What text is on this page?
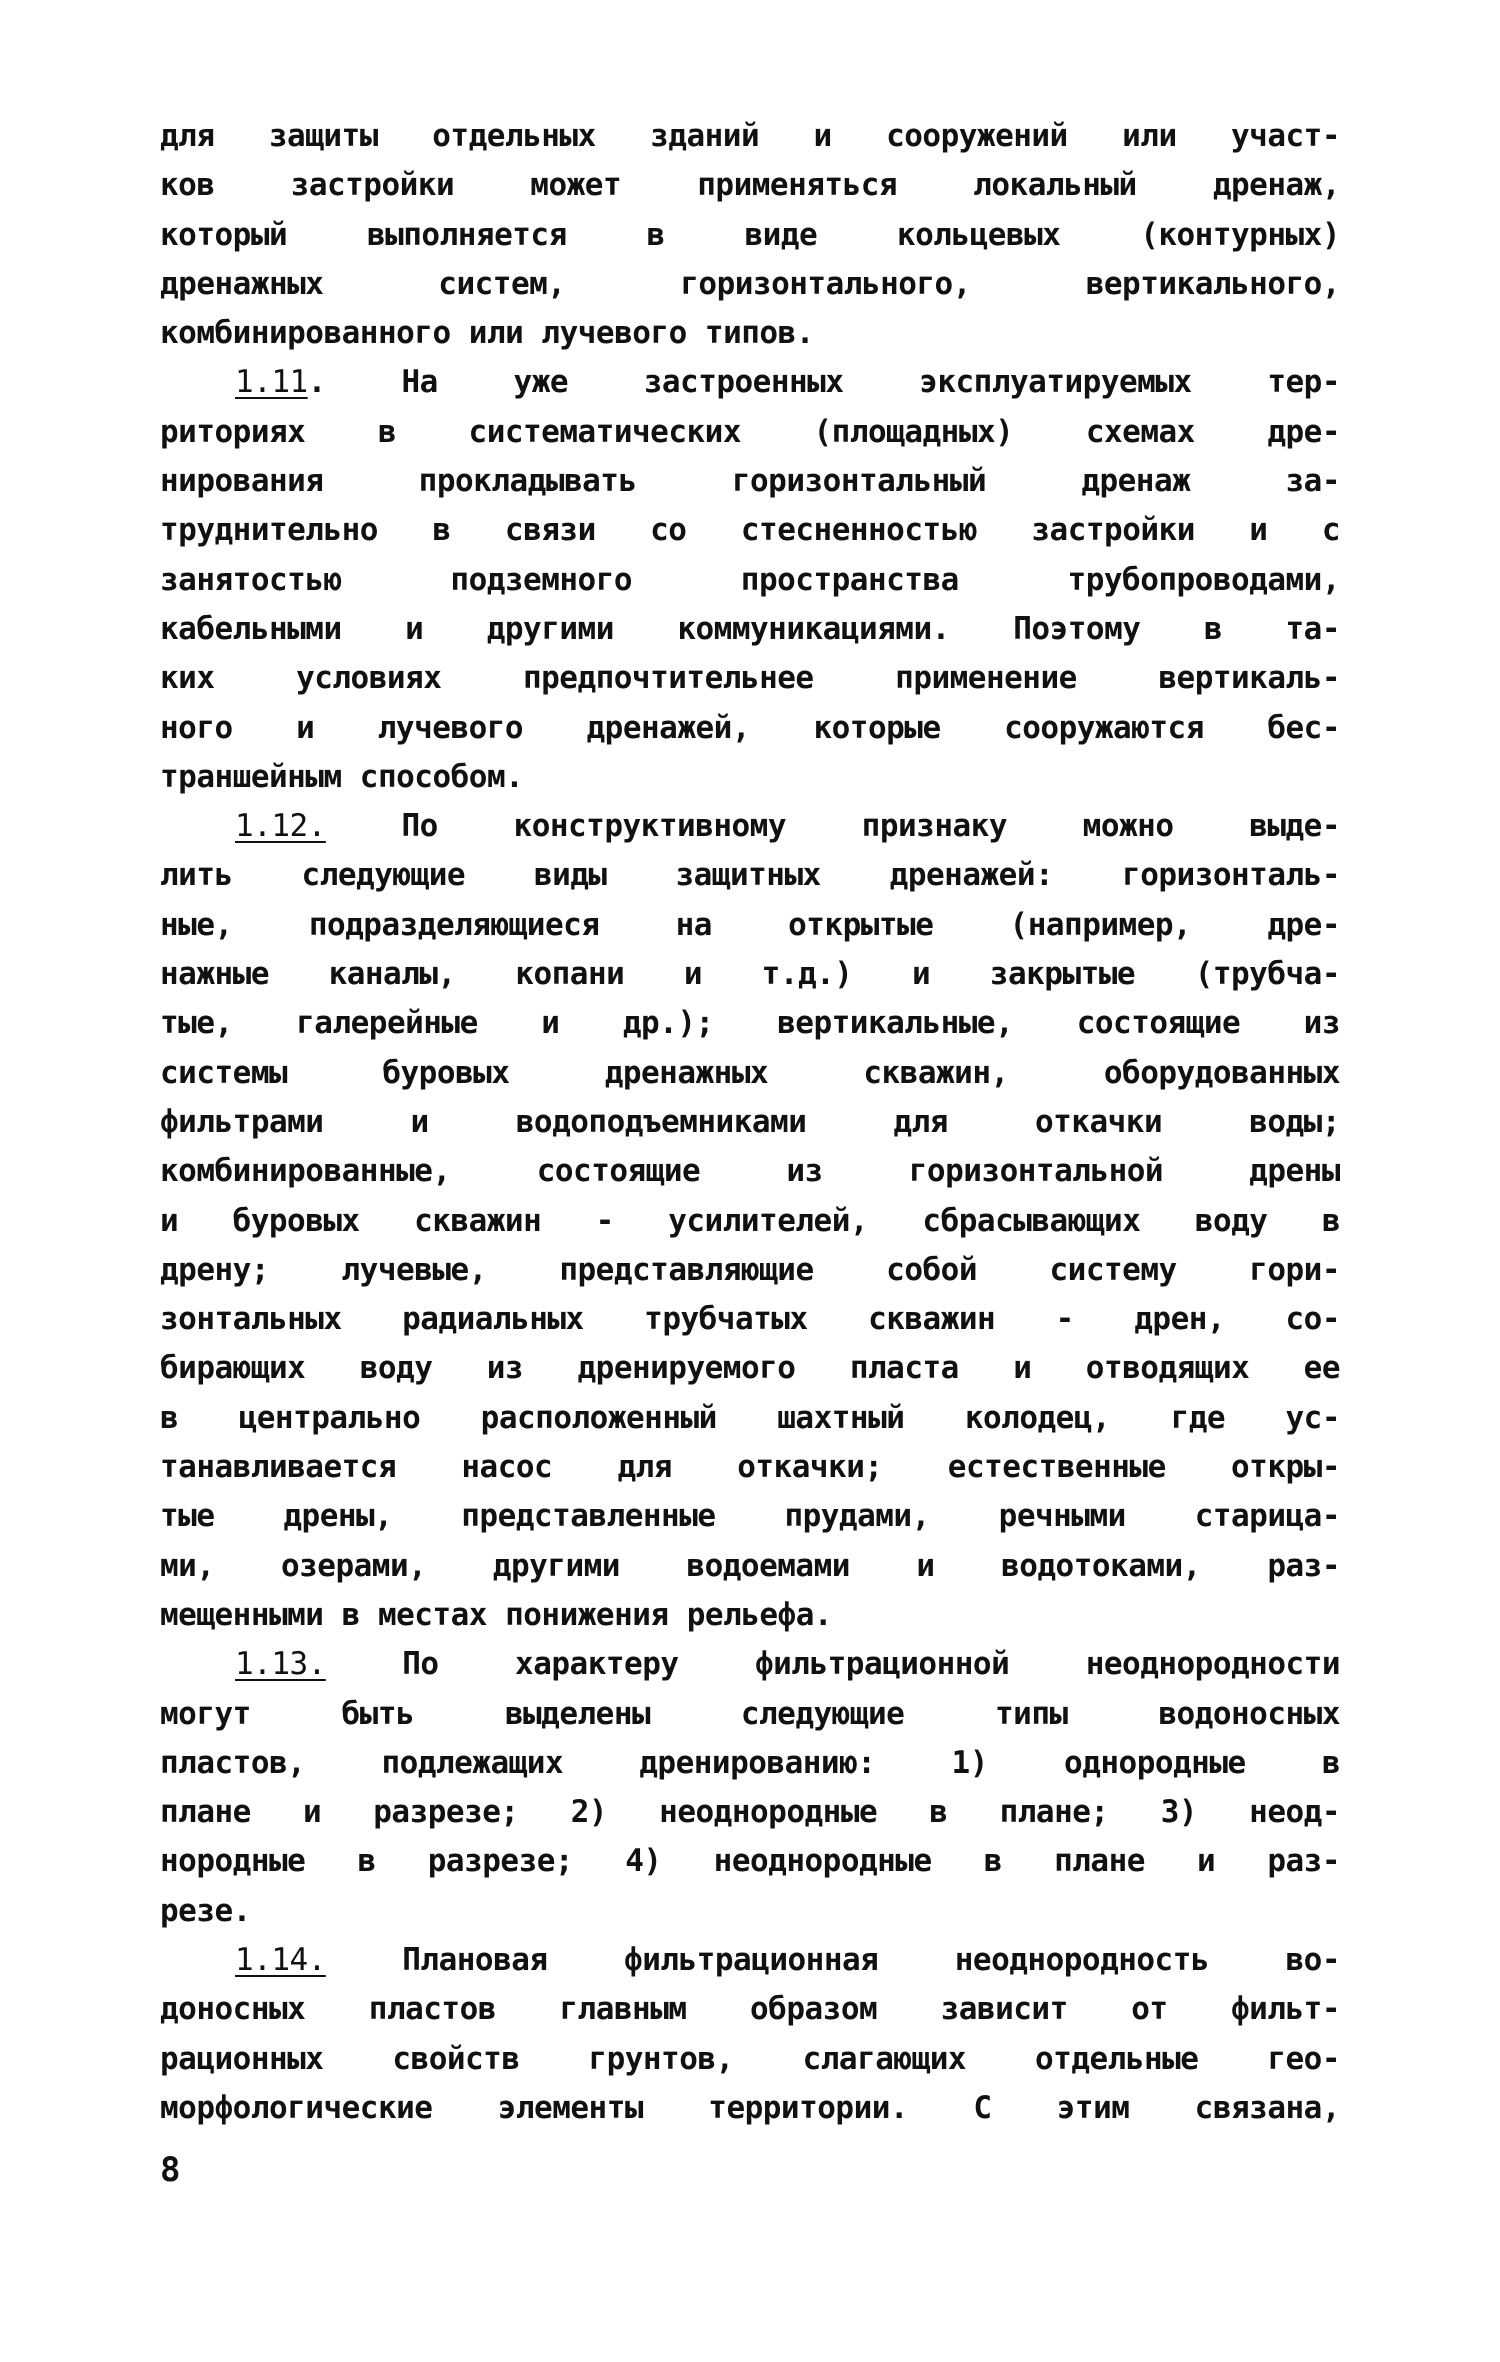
для защиты отдельных зданий и сооружений или участ-
ков застройки может применяться локальный дренаж,
который выполняется в виде кольцевых (контурных)
дренажных систем, горизонтального, вертикального,
комбинированного или лучевого типов.
1.11. На уже застроенных эксплуатируемых тер-
риториях в систематических (площадных) схемах дре-
нирования прокладывать горизонтальный дренаж за-
труднительно в связи со стесненностью застройки и с
занятостью подземного пространства трубопроводами,
кабельными и другими коммуникациями. Поэтому в та-
ких условиях предпочтительнее применение вертикаль-
ного и лучевого дренажей, которые сооружаются бес-
траншейным способом.
1.12. По конструктивному признаку можно выде-
лить следующие виды защитных дренажей: горизонталь-
ные, подразделяющиеся на открытые (например, дре-
нажные каналы, копани и т.д.) и закрытые (трубча-
тые, галерейные и др.); вертикальные, состоящие из
системы буровых дренажных скважин, оборудованных
фильтрами и водоподъемниками для откачки воды;
комбинированные, состоящие из горизонтальной дрены
и буровых скважин - усилителей, сбрасывающих воду в
дрену; лучевые, представляющие собой систему гори-
зонтальных радиальных трубчатых скважин - дрен, со-
бирающих воду из дренируемого пласта и отводящих ее
в центрально расположенный шахтный колодец, где ус-
танавливается насос для откачки; естественные откры-
тые дрены, представленные прудами, речными старица-
ми, озерами, другими водоемами и водотоками, раз-
мещенными в местах понижения рельефа.
1.13. По характеру фильтрационной неоднородности
могут быть выделены следующие типы водоносных
пластов, подлежащих дренированию: 1) однородные в
плане и разрезе; 2) неоднородные в плане; 3) неод-
нородные в разрезе; 4) неоднородные в плане и раз-
резе.
1.14. Плановая фильтрационная неоднородность во-
доносных пластов главным образом зависит от фильт-
рационных свойств грунтов, слагающих отдельные гео-
морфологические элементы территории. С этим связана,
8
